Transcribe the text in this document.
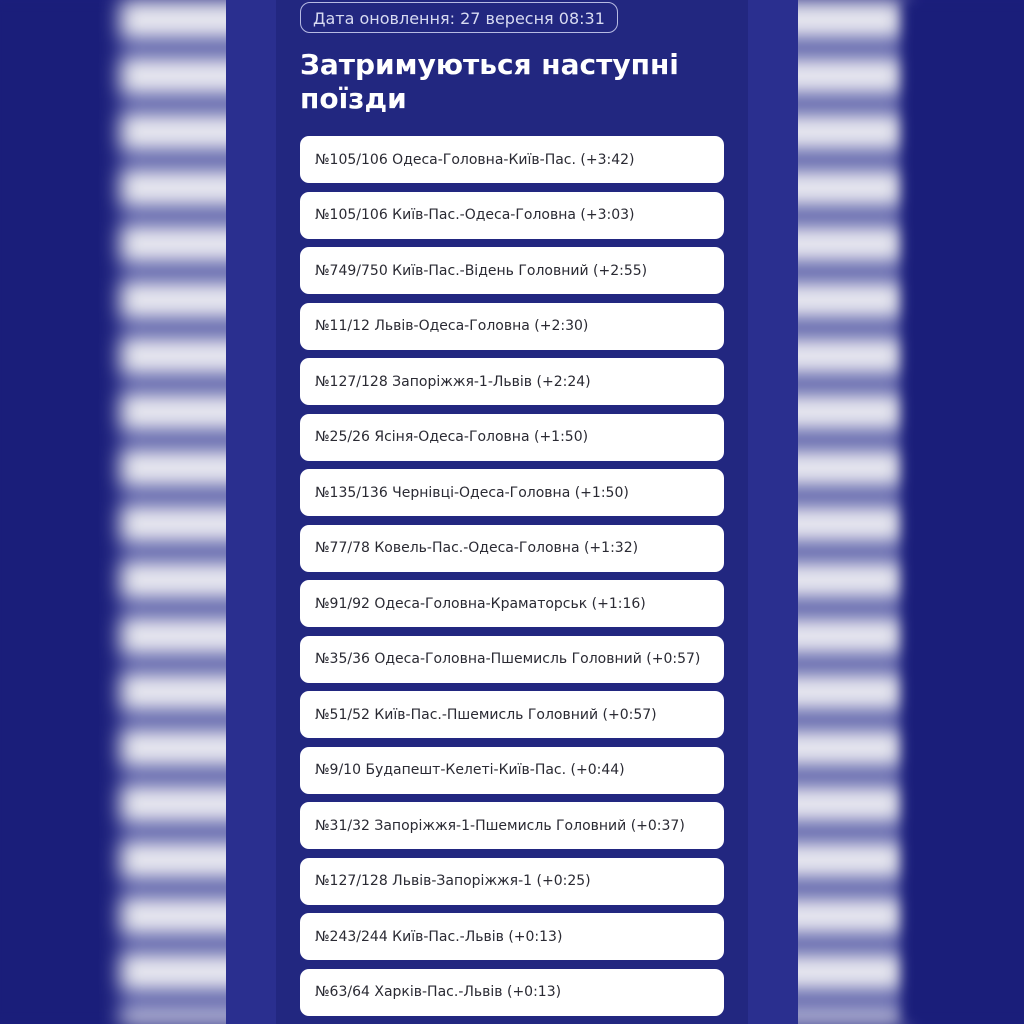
Дата оновлення: 27 вересня 08:31
Затримуються наступні поїзди
№105/106 Одеса-Головна-Київ-Пас. (+3:42)
№105/106 Київ-Пас.-Одеса-Головна (+3:03)
№749/750 Київ-Пас.-Відень Головний (+2:55)
№11/12 Львів-Одеса-Головна (+2:30)
№127/128 Запоріжжя-1-Львів (+2:24)
№25/26 Ясіня-Одеса-Головна (+1:50)
№135/136 Чернівці-Одеса-Головна (+1:50)
№77/78 Ковель-Пас.-Одеса-Головна (+1:32)
№91/92 Одеса-Головна-Краматорськ (+1:16)
№35/36 Одеса-Головна-Пшемисль Головний (+0:57)
№51/52 Київ-Пас.-Пшемисль Головний (+0:57)
№9/10 Будапешт-Келеті-Київ-Пас. (+0:44)
№31/32 Запоріжжя-1-Пшемисль Головний (+0:37)
№127/128 Львів-Запоріжжя-1 (+0:25)
№243/244 Київ-Пас.-Львів (+0:13)
№63/64 Харків-Пас.-Львів (+0:13)
